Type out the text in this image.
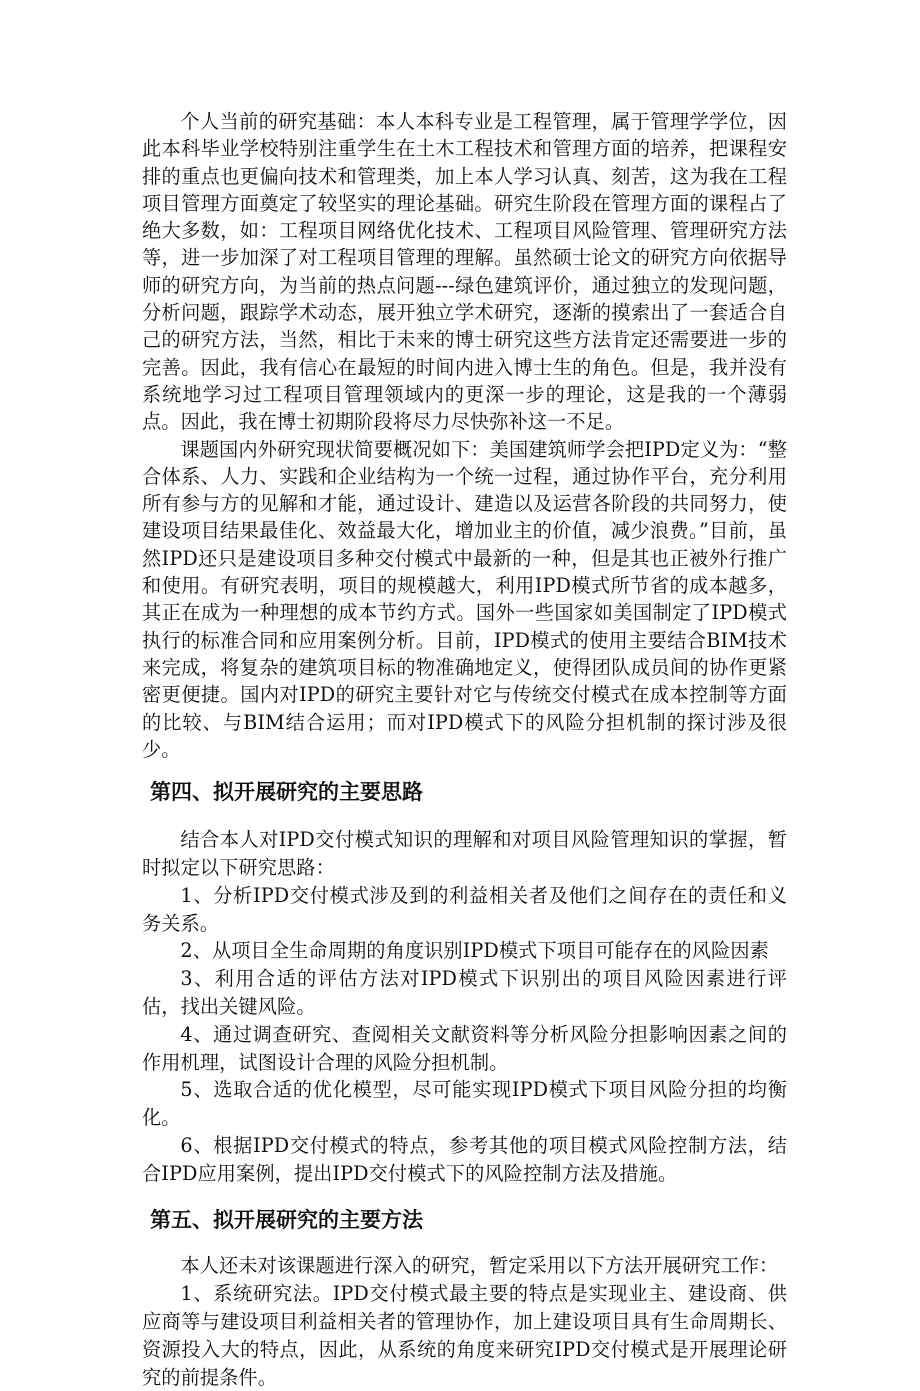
个人当前的研究基础：本人本科专业是工程管理，属于管理学学位，因此本科毕业学校特别注重学生在土木工程技术和管理方面的培养，把课程安排的重点也更偏向技术和管理类，加上本人学习认真、刻苦，这为我在工程项目管理方面奠定了较坚实的理论基础。研究生阶段在管理方面的课程占了绝大多数，如：工程项目网络优化技术、工程项目风险管理、管理研究方法等，进一步加深了对工程项目管理的理解。虽然硕士论文的研究方向依据导师的研究方向，为当前的热点问题---绿色建筑评价，通过独立的发现问题，分析问题，跟踪学术动态，展开独立学术研究，逐渐的摸索出了一套适合自己的研究方法，当然，相比于未来的博士研究这些方法肯定还需要进一步的完善。因此，我有信心在最短的时间内进入博士生的角色。但是，我并没有系统地学习过工程项目管理领域内的更深一步的理论，这是我的一个薄弱点。因此，我在博士初期阶段将尽力尽快弥补这一不足。

课题国内外研究现状简要概况如下：美国建筑师学会把IPD定义为：“整合体系、人力、实践和企业结构为一个统一过程，通过协作平台，充分利用所有参与方的见解和才能，通过设计、建造以及运营各阶段的共同努力，使建设项目结果最佳化、效益最大化，增加业主的价值，减少浪费。”目前，虽然IPD还只是建设项目多种交付模式中最新的一种，但是其也正被外行推广和使用。有研究表明，项目的规模越大，利用IPD模式所节省的成本越多，其正在成为一种理想的成本节约方式。国外一些国家如美国制定了IPD模式执行的标准合同和应用案例分析。目前，IPD模式的使用主要结合BIM技术来完成，将复杂的建筑项目标的物准确地定义，使得团队成员间的协作更紧密更便捷。国内对IPD的研究主要针对它与传统交付模式在成本控制等方面的比较、与BIM结合运用；而对IPD模式下的风险分担机制的探讨涉及很少。

第四、拟开展研究的主要思路

结合本人对IPD交付模式知识的理解和对项目风险管理知识的掌握，暂时拟定以下研究思路：

1、分析IPD交付模式涉及到的利益相关者及他们之间存在的责任和义务关系。

2、从项目全生命周期的角度识别IPD模式下项目可能存在的风险因素

3、利用合适的评估方法对IPD模式下识别出的项目风险因素进行评估，找出关键风险。

4、通过调查研究、查阅相关文献资料等分析风险分担影响因素之间的作用机理，试图设计合理的风险分担机制。

5、选取合适的优化模型，尽可能实现IPD模式下项目风险分担的均衡化。

6、根据IPD交付模式的特点，参考其他的项目模式风险控制方法，结合IPD应用案例，提出IPD交付模式下的风险控制方法及措施。

第五、拟开展研究的主要方法

本人还未对该课题进行深入的研究，暂定采用以下方法开展研究工作：

1、系统研究法。IPD交付模式最主要的特点是实现业主、建设商、供应商等与建设项目利益相关者的管理协作，加上建设项目具有生命周期长、资源投入大的特点，因此，从系统的角度来研究IPD交付模式是开展理论研究的前提条件。
